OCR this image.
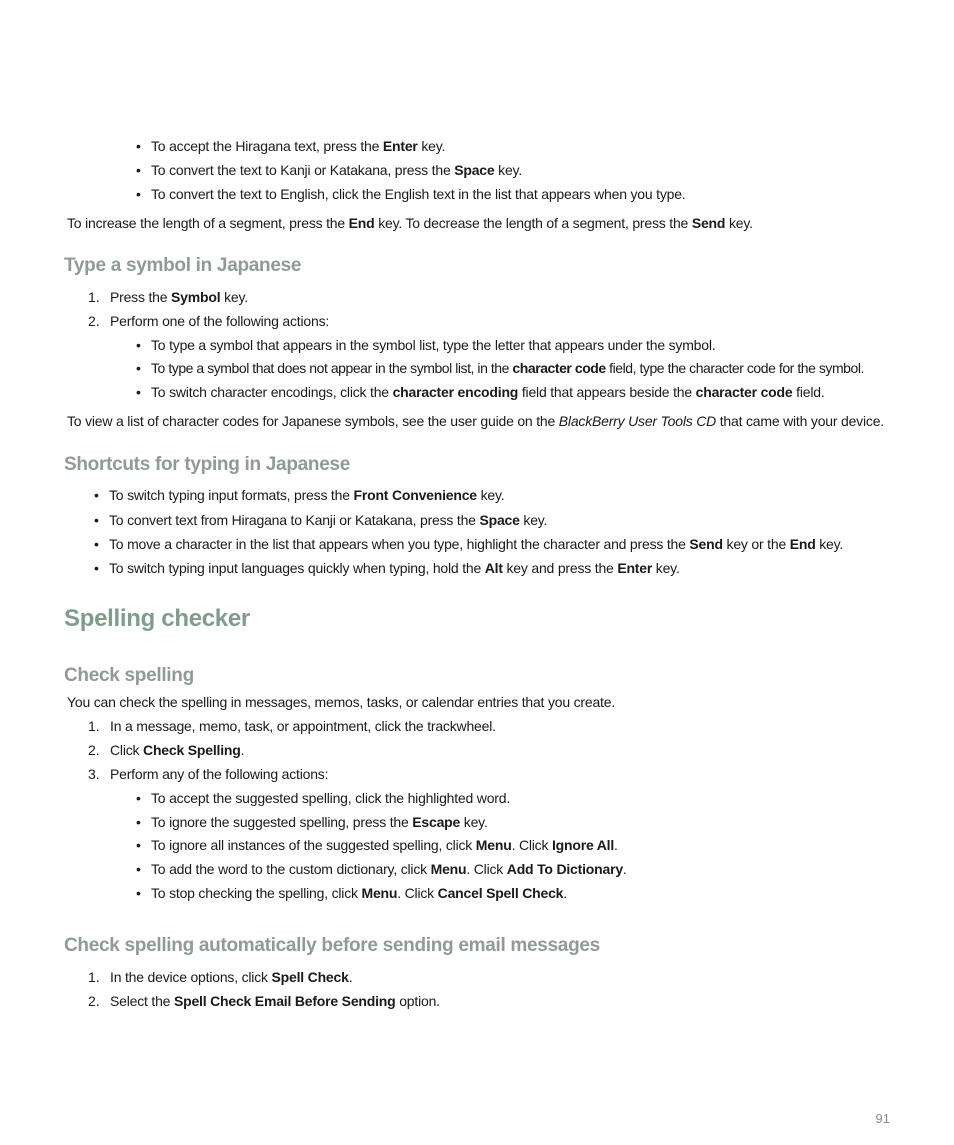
• To accept the Hiragana text, press the Enter key.
• To convert the text to Kanji or Katakana, press the Space key.
• To convert the text to English, click the English text in the list that appears when you type.
To increase the length of a segment, press the End key. To decrease the length of a segment, press the Send key.
Type a symbol in Japanese
1. Press the Symbol key.
2. Perform one of the following actions:
• To type a symbol that appears in the symbol list, type the letter that appears under the symbol.
• To type a symbol that does not appear in the symbol list, in the character code field, type the character code for the symbol.
• To switch character encodings, click the character encoding field that appears beside the character code field.
To view a list of character codes for Japanese symbols, see the user guide on the BlackBerry User Tools CD that came with your device.
Shortcuts for typing in Japanese
• To switch typing input formats, press the Front Convenience key.
• To convert text from Hiragana to Kanji or Katakana, press the Space key.
• To move a character in the list that appears when you type, highlight the character and press the Send key or the End key.
• To switch typing input languages quickly when typing, hold the Alt key and press the Enter key.
Spelling checker
Check spelling
You can check the spelling in messages, memos, tasks, or calendar entries that you create.
1. In a message, memo, task, or appointment, click the trackwheel.
2. Click Check Spelling.
3. Perform any of the following actions:
• To accept the suggested spelling, click the highlighted word.
• To ignore the suggested spelling, press the Escape key.
• To ignore all instances of the suggested spelling, click Menu. Click Ignore All.
• To add the word to the custom dictionary, click Menu. Click Add To Dictionary.
• To stop checking the spelling, click Menu. Click Cancel Spell Check.
Check spelling automatically before sending email messages
1. In the device options, click Spell Check.
2. Select the Spell Check Email Before Sending option.
91
